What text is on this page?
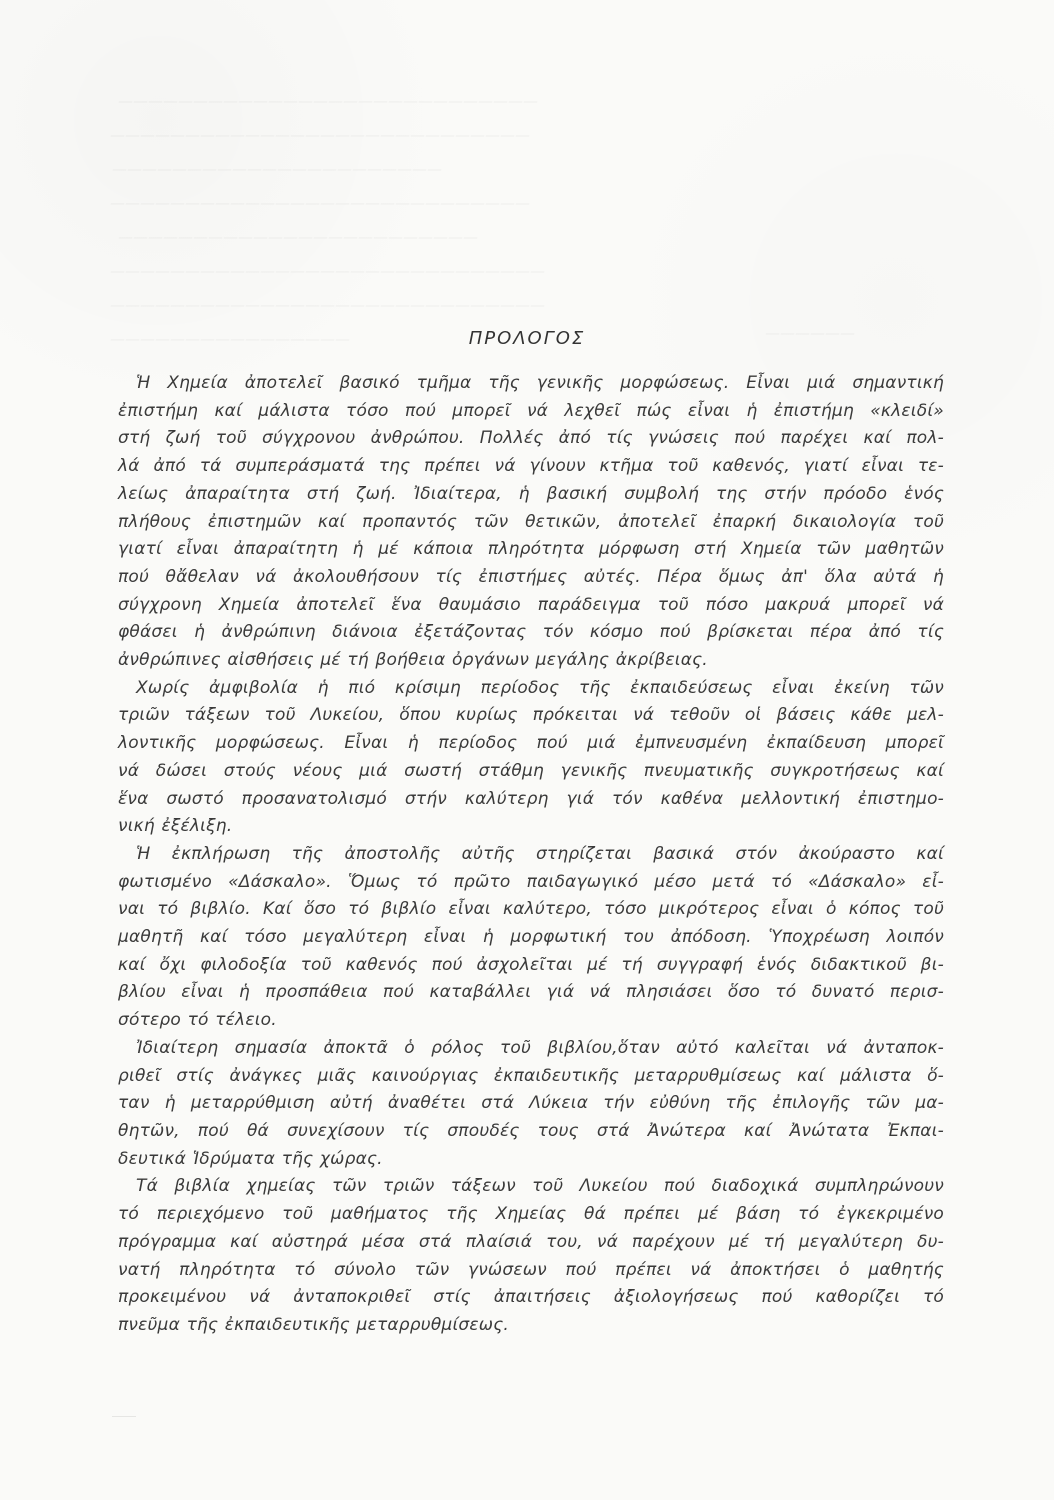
ΠΡΟΛΟΓΟΣ
Ἡ Χημεία ἀποτελεῖ βασικό τμῆμα τῆς γενικῆς μορφώσεως. Εἶναι μιά σημαντική
ἐπιστήμη καί μάλιστα τόσο πού μπορεῖ νά λεχθεῖ πώς εἶναι ἡ ἐπιστήμη «κλειδί»
στή ζωή τοῦ σύγχρονου ἀνθρώπου. Πολλές ἀπό τίς γνώσεις πού παρέχει καί πολ-
λά ἀπό τά συμπεράσματά της πρέπει νά γίνουν κτῆμα τοῦ καθενός, γιατί εἶναι τε-
λείως ἀπαραίτητα στή ζωή. Ἰδιαίτερα, ἡ βασική συμβολή της στήν πρόοδο ἑνός
πλήθους ἐπιστημῶν καί προπαντός τῶν θετικῶν, ἀποτελεῖ ἐπαρκή δικαιολογία τοῦ
γιατί εἶναι ἀπαραίτητη ἡ μέ κάποια πληρότητα μόρφωση στή Χημεία τῶν μαθητῶν
πού θἄθελαν νά ἀκολουθήσουν τίς ἐπιστήμες αὐτές. Πέρα ὅμως ἀπ' ὅλα αὐτά ἡ
σύγχρονη Χημεία ἀποτελεῖ ἕνα θαυμάσιο παράδειγμα τοῦ πόσο μακρυά μπορεῖ νά
φθάσει ἡ ἀνθρώπινη διάνοια ἐξετάζοντας τόν κόσμο πού βρίσκεται πέρα ἀπό τίς
ἀνθρώπινες αἰσθήσεις μέ τή βοήθεια ὀργάνων μεγάλης ἀκρίβειας.
Χωρίς ἀμφιβολία ἡ πιό κρίσιμη περίοδος τῆς ἐκπαιδεύσεως εἶναι ἐκείνη τῶν
τριῶν τάξεων τοῦ Λυκείου, ὅπου κυρίως πρόκειται νά τεθοῦν οἱ βάσεις κάθε μελ-
λοντικῆς μορφώσεως. Εἶναι ἡ περίοδος πού μιά ἐμπνευσμένη ἐκπαίδευση μπορεῖ
νά δώσει στούς νέους μιά σωστή στάθμη γενικῆς πνευματικῆς συγκροτήσεως καί
ἕνα σωστό προσανατολισμό στήν καλύτερη γιά τόν καθένα μελλοντική ἐπιστημο-
νική ἐξέλιξη.
Ἡ ἐκπλήρωση τῆς ἀποστολῆς αὐτῆς στηρίζεται βασικά στόν ἀκούραστο καί
φωτισμένο «Δάσκαλο». Ὅμως τό πρῶτο παιδαγωγικό μέσο μετά τό «Δάσκαλο» εἶ-
ναι τό βιβλίο. Καί ὅσο τό βιβλίο εἶναι καλύτερο, τόσο μικρότερος εἶναι ὁ κόπος τοῦ
μαθητῆ καί τόσο μεγαλύτερη εἶναι ἡ μορφωτική του ἀπόδοση. Ὑποχρέωση λοιπόν
καί ὄχι φιλοδοξία τοῦ καθενός πού ἀσχολεῖται μέ τή συγγραφή ἑνός διδακτικοῦ βι-
βλίου εἶναι ἡ προσπάθεια πού καταβάλλει γιά νά πλησιάσει ὅσο τό δυνατό περισ-
σότερο τό τέλειο.
Ἰδιαίτερη σημασία ἀποκτᾶ ὁ ρόλος τοῦ βιβλίου,ὅταν αὐτό καλεῖται νά ἀνταποκ-
ριθεῖ στίς ἀνάγκες μιᾶς καινούργιας ἐκπαιδευτικῆς μεταρρυθμίσεως καί μάλιστα ὅ-
ταν ἡ μεταρρύθμιση αὐτή ἀναθέτει στά Λύκεια τήν εὐθύνη τῆς ἐπιλογῆς τῶν μα-
θητῶν, πού θά συνεχίσουν τίς σπουδές τους στά Ἀνώτερα καί Ἀνώτατα Ἐκπαι-
δευτικά Ἱδρύματα τῆς χώρας.
Τά βιβλία χημείας τῶν τριῶν τάξεων τοῦ Λυκείου πού διαδοχικά συμπληρώνουν
τό περιεχόμενο τοῦ μαθήματος τῆς Χημείας θά πρέπει μέ βάση τό ἐγκεκριμένο
πρόγραμμα καί αὐστηρά μέσα στά πλαίσιά του, νά παρέχουν μέ τή μεγαλύτερη δυ-
νατή πληρότητα τό σύνολο τῶν γνώσεων πού πρέπει νά ἀποκτήσει ὁ μαθητής
προκειμένου νά ἀνταποκριθεῖ στίς ἀπαιτήσεις ἀξιολογήσεως πού καθορίζει τό
πνεῦμα τῆς ἐκπαιδευτικῆς μεταρρυθμίσεως.
